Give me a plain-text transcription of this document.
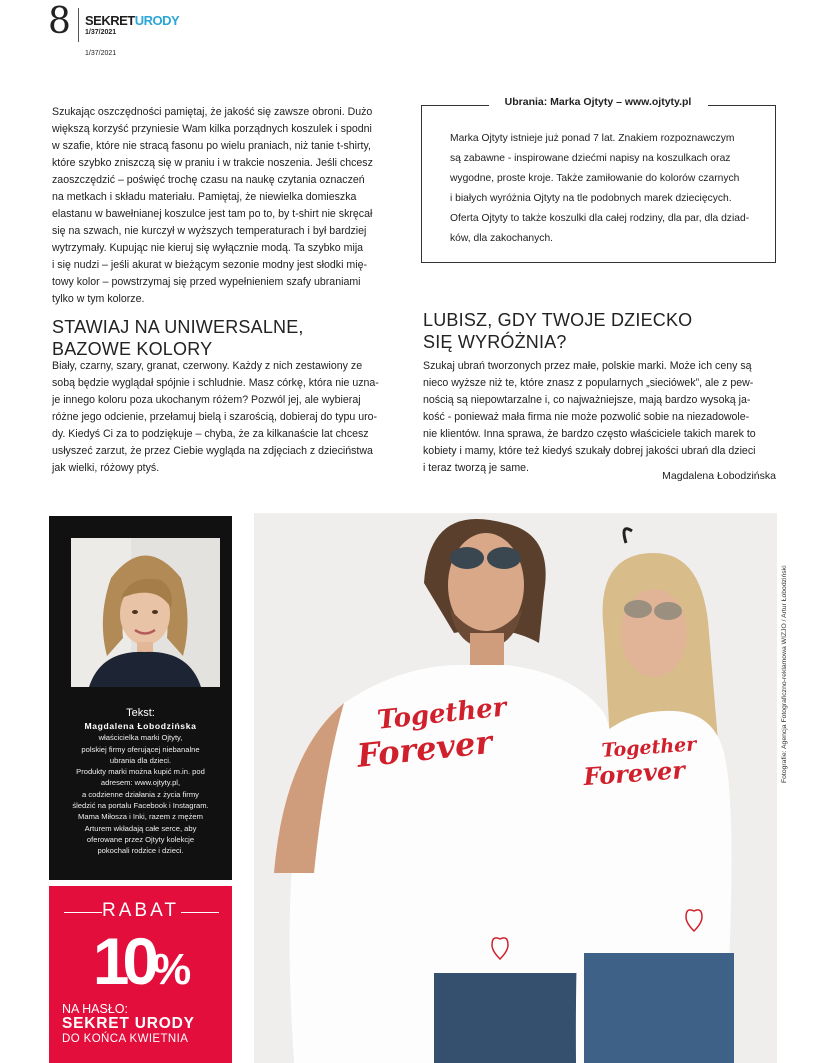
8 SEKRETURODY
1/37/2021
1/37/2021
Szukając oszczędności pamiętaj, że jakość się zawsze obroni. Dużo
większą korzyść przyniesie Wam kilka porządnych koszulek i spodni
w szafie, które nie stracą fasonu po wielu praniach, niż tanie t-shirty,
które szybko zniszczą się w praniu i w trakcie noszenia. Jeśli chcesz
zaoszczędzić – poświęć trochę czasu na naukę czytania oznaczeń
na metkach i składu materiału. Pamiętaj, że niewielka domieszka
elastanu w bawełnianej koszulce jest tam po to, by t-shirt nie skręcał
się na szwach, nie kurczył w wyższych temperaturach i był bardziej
wytrzymały. Kupując nie kieruj się wyłącznie modą. Ta szybko mija
i się nudzi – jeśli akurat w bieżącym sezonie modny jest słodki mię-
towy kolor – powstrzymaj się przed wypełnieniem szafy ubraniami
tylko w tym kolorze.
STAWIAJ NA UNIWERSALNE,
BAZOWE KOLORY
Biały, czarny, szary, granat, czerwony. Każdy z nich zestawiony ze
sobą będzie wyglądał spójnie i schludnie. Masz córkę, która nie uzna-
je innego koloru poza ukochanym różem? Pozwól jej, ale wybieraj
różne jego odcienie, przełamuj bielą i szarością, dobieraj do typu uro-
dy. Kiedyś Ci za to podziękuje – chyba, że za kilkanaście lat chcesz
usłyszeć zarzut, że przez Ciebie wygląda na zdjęciach z dzieciństwa
jak wielki, różowy ptyś.
Ubrania: Marka Ojtyty – www.ojtyty.pl
Marka Ojtyty istnieje już ponad 7 lat. Znakiem rozpoznawczym
są zabawne - inspirowane dziećmi napisy na koszulkach oraz
wygodne, proste kroje. Także zamiłowanie do kolorów czarnych
i białych wyróżnia Ojtyty na tle podobnych marek dziecięcych.
Oferta Ojtyty to także koszulki dla całej rodziny, dla par, dla dziad-
ków, dla zakochanych.
LUBISZ, GDY TWOJE DZIECKO
SIĘ WYRÓŻNIA?
Szukaj ubrań tworzonych przez małe, polskie marki. Może ich ceny są
nieco wyższe niż te, które znasz z popularnych „sieciówek”, ale z pew-
nością są niepowtarzalne i, co najważniejsze, mają bardzo wysoką ja-
kość - ponieważ mała firma nie może pozwolić sobie na niezadowole-
nie klientów. Inna sprawa, że bardzo często właściciele takich marek to
kobiety i mamy, które też kiedyś szukały dobrej jakości ubrań dla dzieci
i teraz tworzą je same.
Magdalena Łobodzińska
Tekst:
Magdalena Łobodzińska
właścicielka marki Ojtyty,
polskiej firmy oferującej niebanalne
ubrania dla dzieci.
Produkty marki można kupić m.in. pod
adresem: www.ojtyty.pl,
a codzienne działania z życia firmy
śledzić na portalu Facebook i Instagram.
Mama Miłosza i Inki, razem z mężem
Arturem wkładają całe serce, aby
oferowane przez Ojtyty kolekcje
pokochali rodzice i dzieci.
RABAT
10%
NA HASŁO:
SEKRET URODY
DO KOŃCA KWIETNIA
Together
Forever	Together
Forever	Fotografie: Agencja Fotograficzno-reklamowa WIZJO / Artur Łobodziński
